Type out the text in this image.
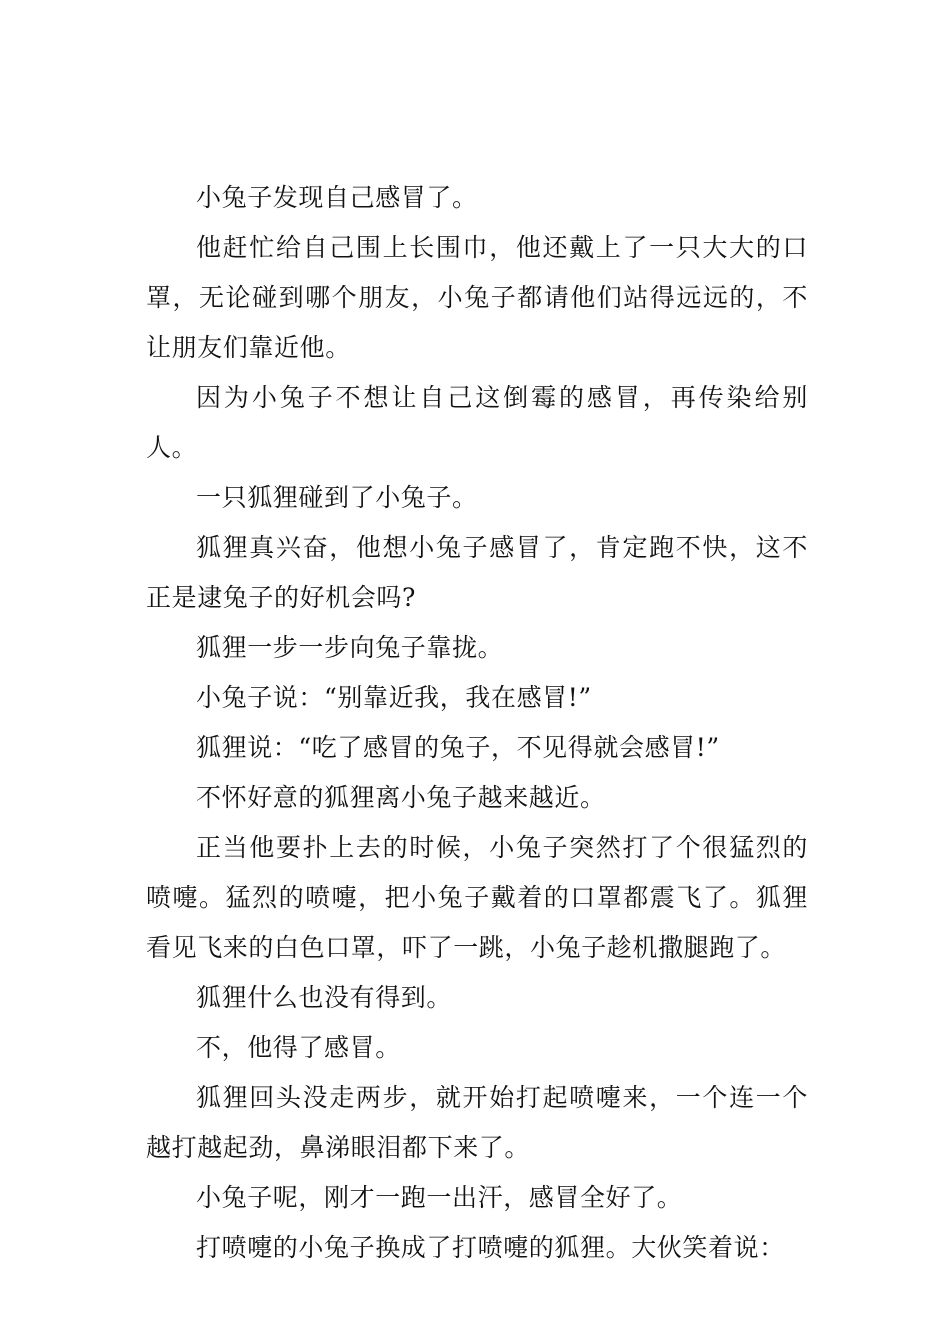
小兔子发现自己感冒了。

他赶忙给自己围上长围巾，他还戴上了一只大大的口罩，无论碰到哪个朋友，小兔子都请他们站得远远的，不让朋友们靠近他。

因为小兔子不想让自己这倒霉的感冒，再传染给别人。

一只狐狸碰到了小兔子。

狐狸真兴奋，他想小兔子感冒了，肯定跑不快，这不正是逮兔子的好机会吗?

狐狸一步一步向兔子靠拢。

小兔子说：“别靠近我，我在感冒!”

狐狸说：“吃了感冒的兔子，不见得就会感冒!”

不怀好意的狐狸离小兔子越来越近。

正当他要扑上去的时候，小兔子突然打了个很猛烈的喷嚏。猛烈的喷嚏，把小兔子戴着的口罩都震飞了。狐狸看见飞来的白色口罩，吓了一跳，小兔子趁机撒腿跑了。

狐狸什么也没有得到。

不，他得了感冒。

狐狸回头没走两步，就开始打起喷嚏来，一个连一个越打越起劲，鼻涕眼泪都下来了。

小兔子呢，刚才一跑一出汗，感冒全好了。

打喷嚏的小兔子换成了打喷嚏的狐狸。大伙笑着说：
